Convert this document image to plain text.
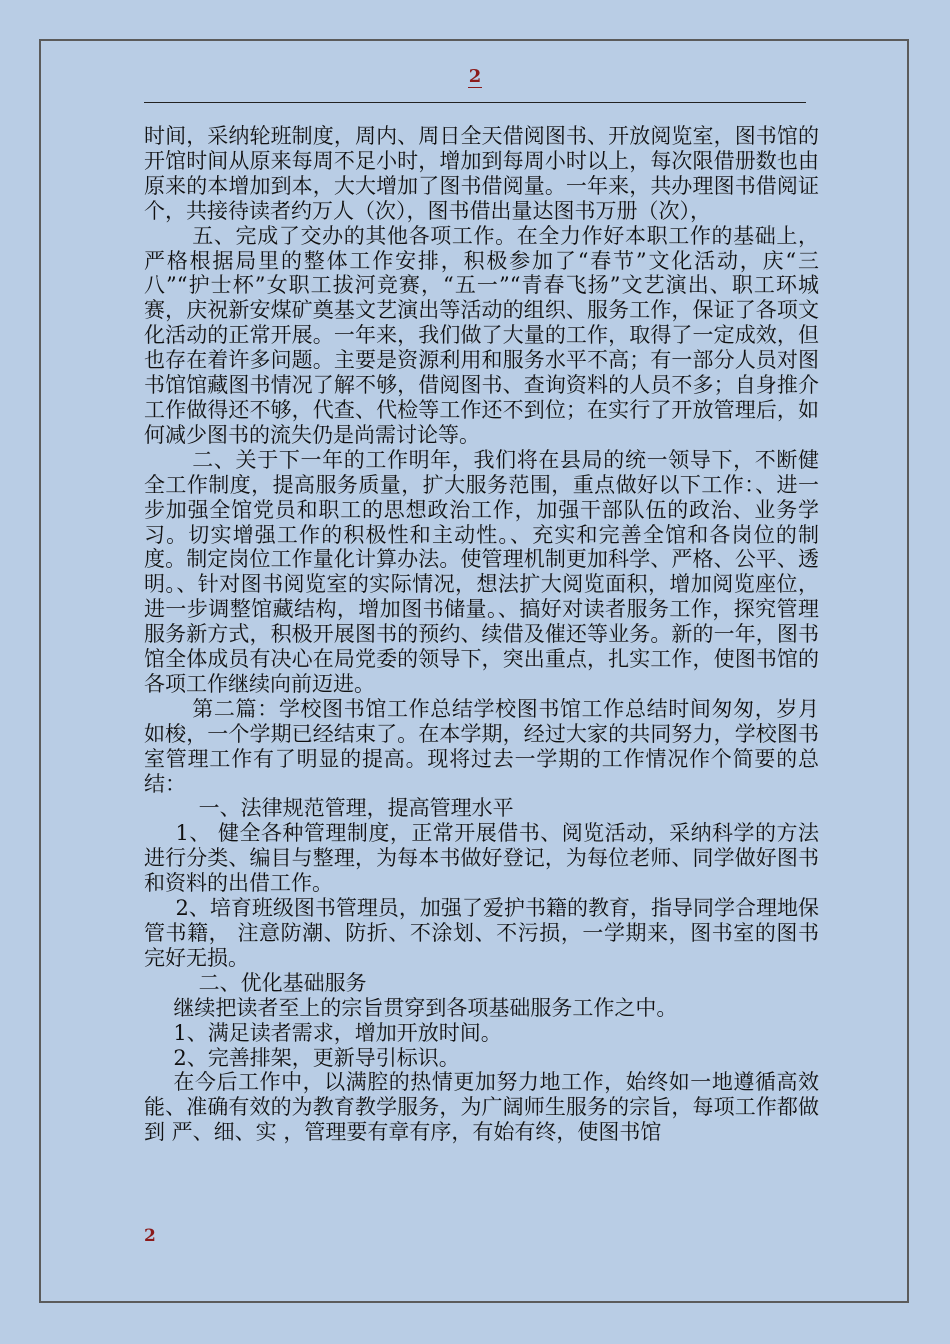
2

时间，采纳轮班制度，周内、周日全天借阅图书、开放阅览室，图书馆的开馆时间从原来每周不足小时，增加到每周小时以上，每次限借册数也由原来的本增加到本，大大增加了图书借阅量。一年来，共办理图书借阅证个，共接待读者约万人（次），图书借出量达图书万册（次），

五、完成了交办的其他各项工作。在全力作好本职工作的基础上，严格根据局里的整体工作安排，积极参加了“春节”文化活动，庆“三八”“护士杯”女职工拔河竞赛，“五一”“青春飞扬”文艺演出、职工环城赛，庆祝新安煤矿奠基文艺演出等活动的组织、服务工作，保证了各项文化活动的正常开展。一年来，我们做了大量的工作，取得了一定成效，但也存在着许多问题。主要是资源利用和服务水平不高；有一部分人员对图书馆馆藏图书情况了解不够，借阅图书、查询资料的人员不多；自身推介工作做得还不够，代查、代检等工作还不到位；在实行了开放管理后，如何减少图书的流失仍是尚需讨论等。

二、关于下一年的工作明年，我们将在县局的统一领导下，不断健全工作制度，提高服务质量，扩大服务范围，重点做好以下工作：、进一步加强全馆党员和职工的思想政治工作，加强干部队伍的政治、业务学习。切实增强工作的积极性和主动性。、充实和完善全馆和各岗位的制度。制定岗位工作量化计算办法。使管理机制更加科学、严格、公平、透明。、针对图书阅览室的实际情况，想法扩大阅览面积，增加阅览座位，进一步调整馆藏结构，增加图书储量。、搞好对读者服务工作，探究管理服务新方式，积极开展图书的预约、续借及催还等业务。新的一年，图书馆全体成员有决心在局党委的领导下，突出重点，扎实工作，使图书馆的各项工作继续向前迈进。

第二篇：学校图书馆工作总结学校图书馆工作总结时间匆匆，岁月如梭，一个学期已经结束了。在本学期，经过大家的共同努力，学校图书室管理工作有了明显的提高。现将过去一学期的工作情况作个简要的总结：

一、法律规范管理，提高管理水平

1、 健全各种管理制度，正常开展借书、阅览活动，采纳科学的方法进行分类、编目与整理，为每本书做好登记，为每位老师、同学做好图书和资料的出借工作。

2、培育班级图书管理员，加强了爱护书籍的教育，指导同学合理地保管书籍， 注意防潮、防折、不涂划、不污损，一学期来，图书室的图书完好无损。

二、优化基础服务

继续把读者至上的宗旨贯穿到各项基础服务工作之中。

1、满足读者需求，增加开放时间。

2、完善排架，更新导引标识。

在今后工作中，以满腔的热情更加努力地工作，始终如一地遵循高效能、准确有效的为教育教学服务，为广阔师生服务的宗旨，每项工作都做到 严、细、实 ，管理要有章有序，有始有终，使图书馆

2
